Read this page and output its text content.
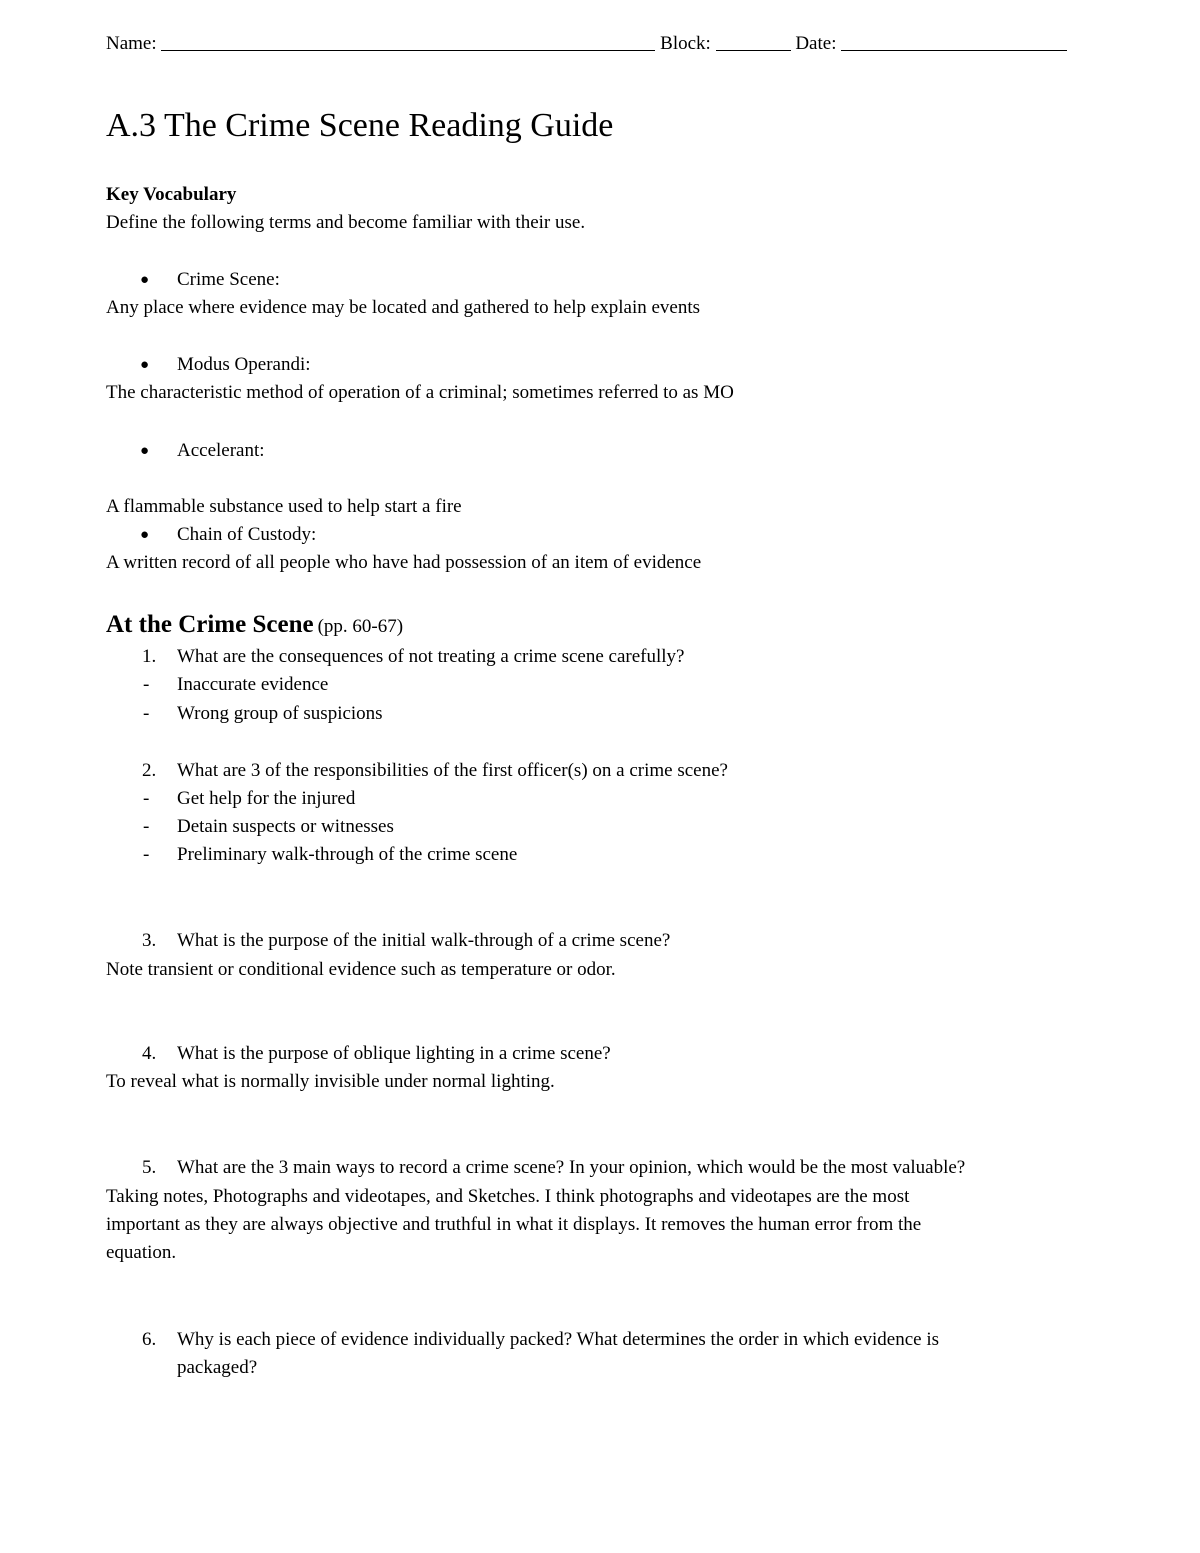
Name:	Block:	Date:
A.3 The Crime Scene Reading Guide
Key Vocabulary
Define the following terms and become familiar with their use.
● Crime Scene:
Any place where evidence may be located and gathered to help explain events
● Modus Operandi:
The characteristic method of operation of a criminal; sometimes referred to as MO
● Accelerant:
A flammable substance used to help start a fire
● Chain of Custody:
A written record of all people who have had possession of an item of evidence
At the Crime Scene (pp. 60-67)
1. What are the consequences of not treating a crime scene carefully?
- Inaccurate evidence
- Wrong group of suspicions
2. What are 3 of the responsibilities of the first officer(s) on a crime scene?
- Get help for the injured
- Detain suspects or witnesses
- Preliminary walk-through of the crime scene
3. What is the purpose of the initial walk-through of a crime scene?
Note transient or conditional evidence such as temperature or odor.
4. What is the purpose of oblique lighting in a crime scene?
To reveal what is normally invisible under normal lighting.
5. What are the 3 main ways to record a crime scene? In your opinion, which would be the most valuable?
Taking notes, Photographs and videotapes, and Sketches. I think photographs and videotapes are the most
important as they are always objective and truthful in what it displays. It removes the human error from the
equation.
6. Why is each piece of evidence individually packed? What determines the order in which evidence is
packaged?
